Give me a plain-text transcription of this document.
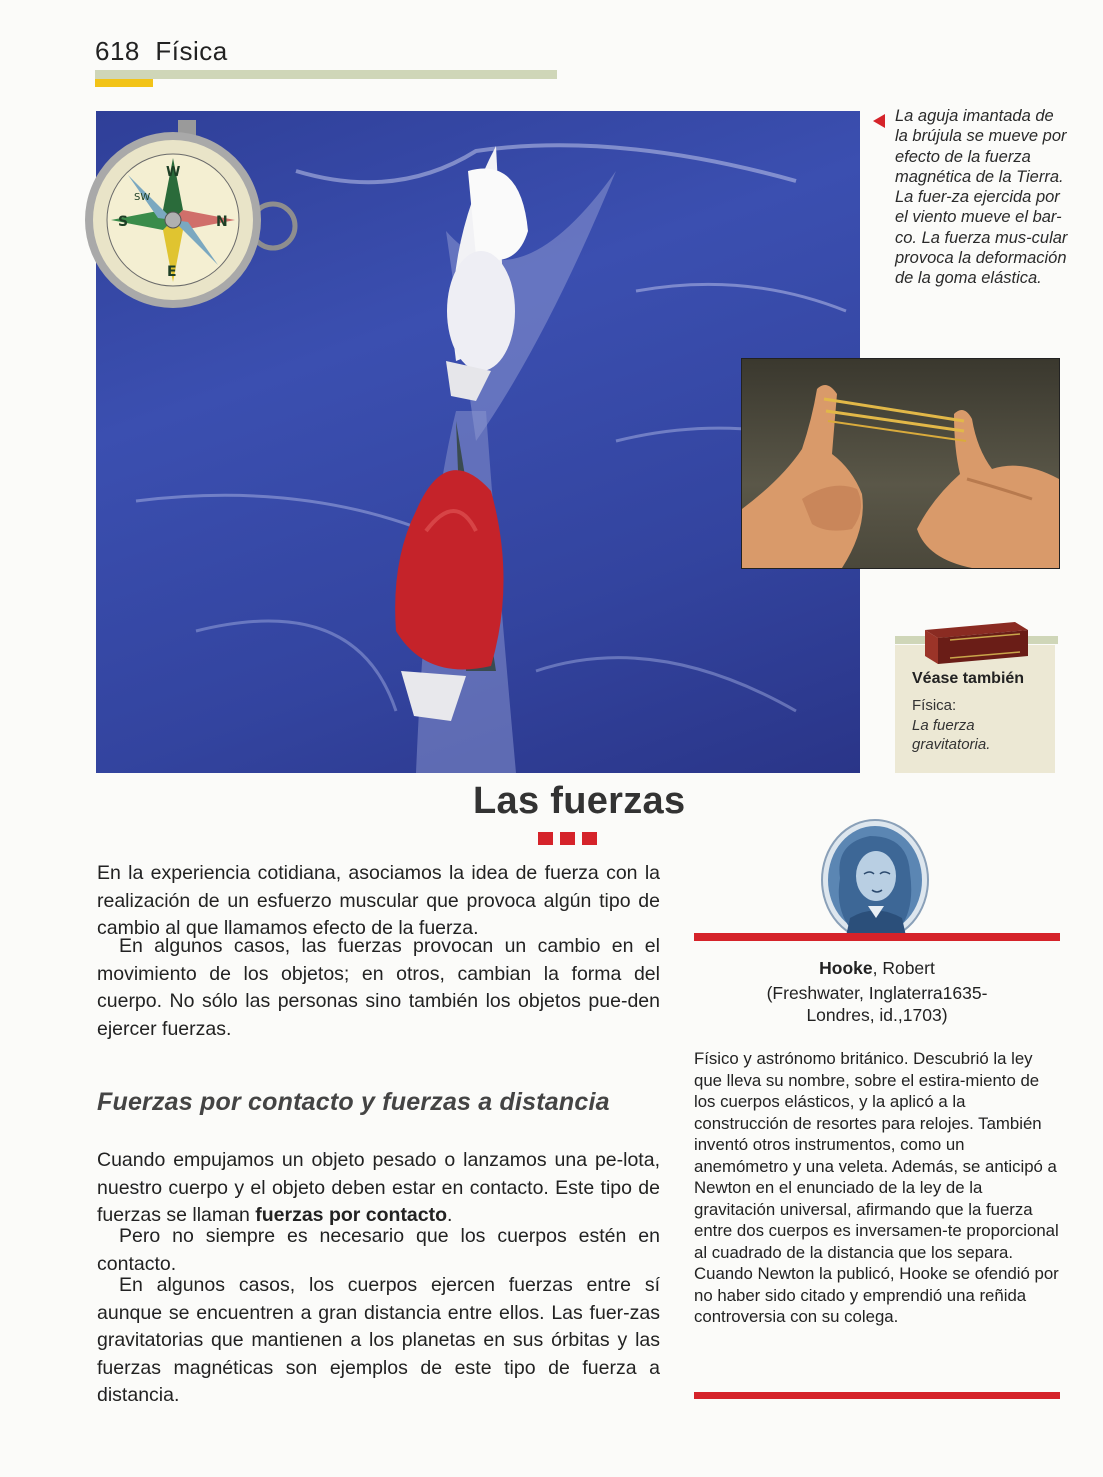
618 Física
W
SW
S
E
N

La aguja imantada de la brújula se mueve por efecto de la fuerza magnética de la Tierra. La fuer-za ejercida por el viento mueve el bar-co. La fuerza mus-cular provoca la deformación de la goma elástica.

Véase también
Física:
La fuerza gravitatoria.
Las fuerzas

En la experiencia cotidiana, asociamos la idea de fuerza con la realización de un esfuerzo muscular que provoca algún tipo de cambio al que llamamos efecto de la fuerza.

En algunos casos, las fuerzas provocan un cambio en el movimiento de los objetos; en otros, cambian la forma del cuerpo. No sólo las personas sino también los objetos pue-den ejercer fuerzas.

Fuerzas por contacto y fuerzas a distancia

Cuando empujamos un objeto pesado o lanzamos una pe-lota, nuestro cuerpo y el objeto deben estar en contacto. Este tipo de fuerzas se llaman fuerzas por contacto.

Pero no siempre es necesario que los cuerpos estén en contacto.

En algunos casos, los cuerpos ejercen fuerzas entre sí aunque se encuentren a gran distancia entre ellos. Las fuer-zas gravitatorias que mantienen a los planetas en sus órbitas y las fuerzas magnéticas son ejemplos de este tipo de fuerza a distancia.

Hooke, Robert
(Freshwater, Inglaterra1635-
Londres, id.,1703)

Físico y astrónomo británico. Descubrió la ley que lleva su nombre, sobre el estira-miento de los cuerpos elásticos, y la aplicó a la construcción de resortes para relojes. También inventó otros instrumentos, como un anemómetro y una veleta. Además, se anticipó a Newton en el enunciado de la ley de la gravitación universal, afirmando que la fuerza entre dos cuerpos es inversamen-te proporcional al cuadrado de la distancia que los separa. Cuando Newton la publicó, Hooke se ofendió por no haber sido citado y emprendió una reñida controversia con su colega.
